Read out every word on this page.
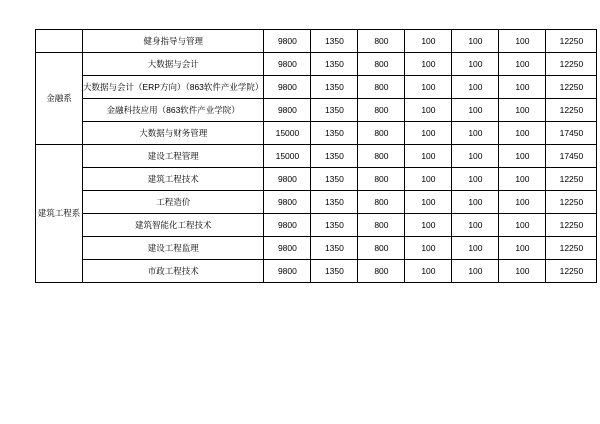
	健身指导与管理	9800	1350	800	100	100	100	12250
金融系	大数据与会计	9800	1350	800	100	100	100	12250
	大数据与会计（ERP方向）（863软件产业学院）	9800	1350	800	100	100	100	12250
	金融科技应用（863软件产业学院）	9800	1350	800	100	100	100	12250
	大数据与财务管理	15000	1350	800	100	100	100	17450
建筑工程系	建设工程管理	15000	1350	800	100	100	100	17450
	建筑工程技术	9800	1350	800	100	100	100	12250
	工程造价	9800	1350	800	100	100	100	12250
	建筑智能化工程技术	9800	1350	800	100	100	100	12250
	建设工程监理	9800	1350	800	100	100	100	12250
	市政工程技术	9800	1350	800	100	100	100	12250
